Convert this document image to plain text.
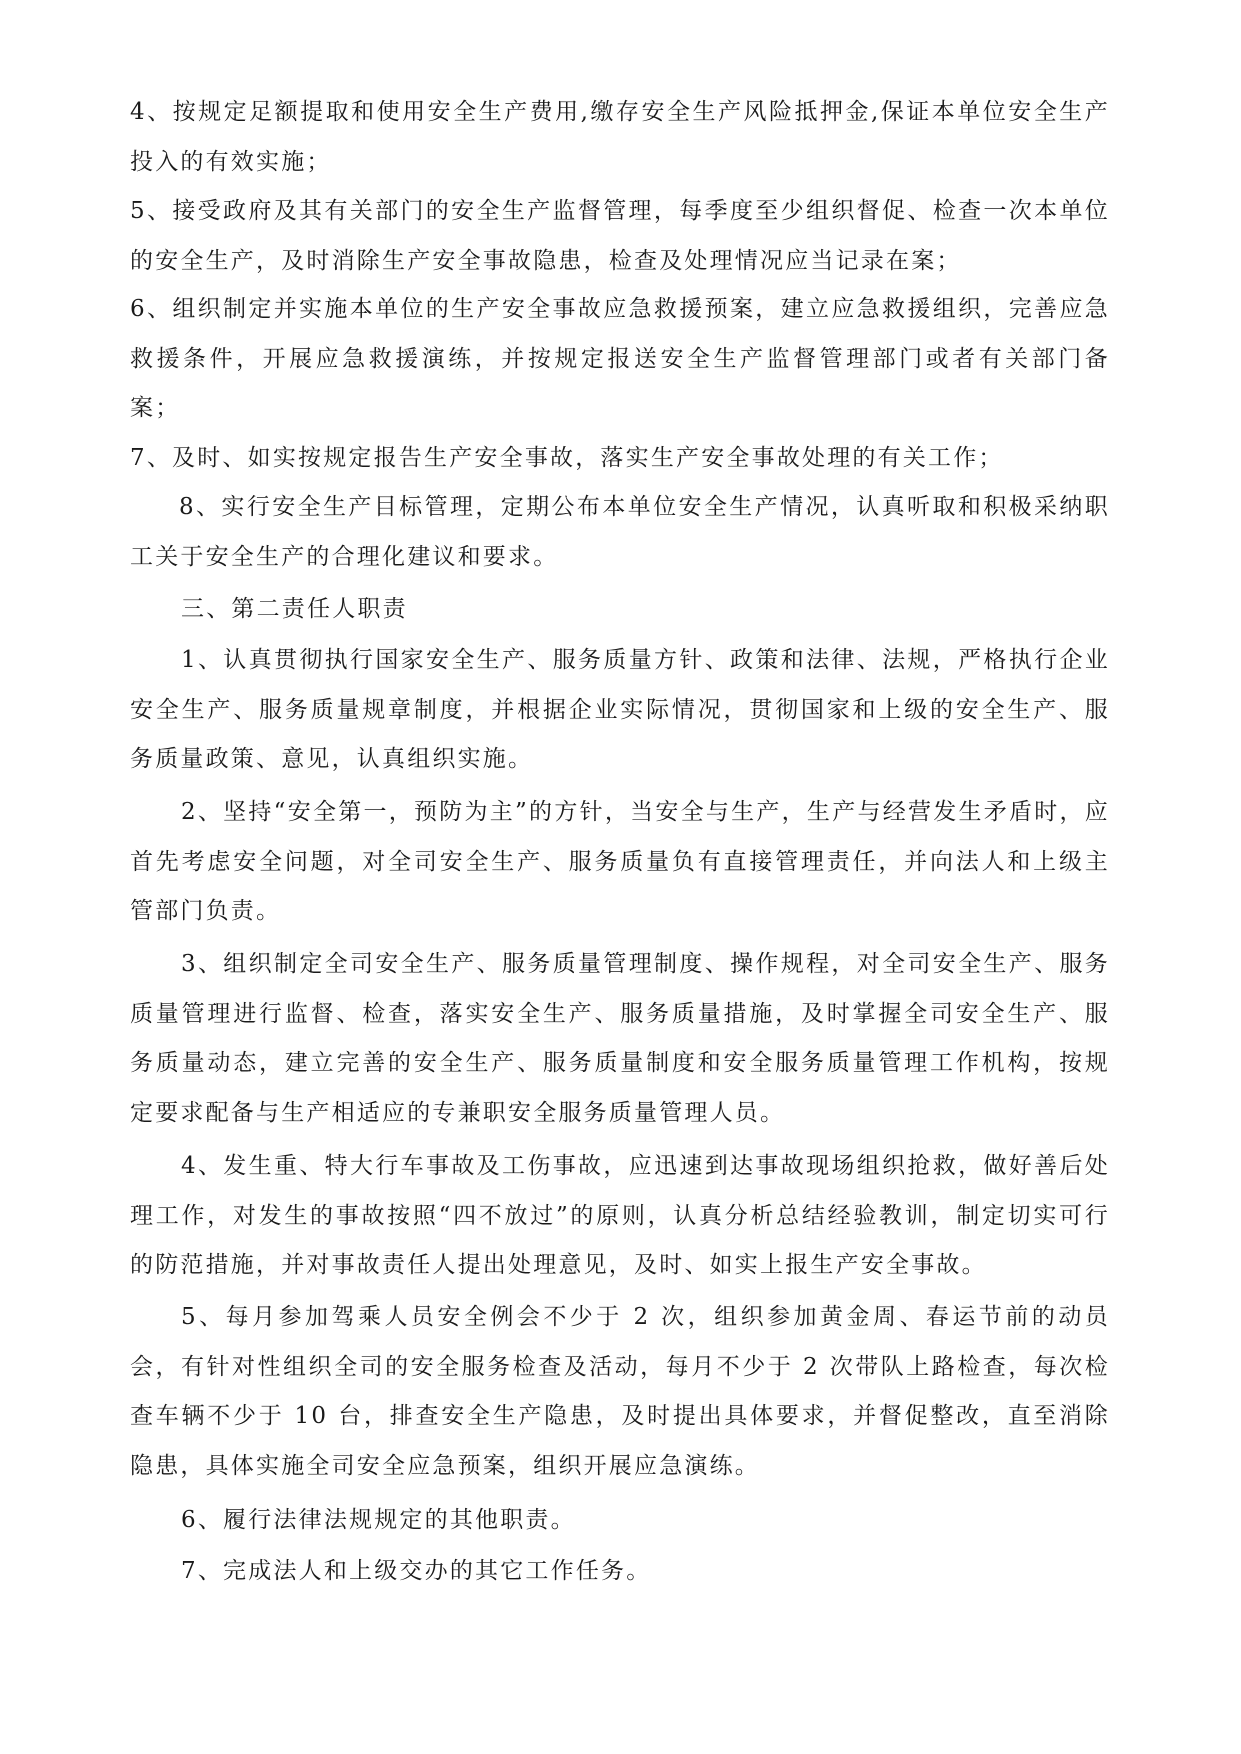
4、按规定足额提取和使用安全生产费用,缴存安全生产风险抵押金,保证本单位安全生产投入的有效实施；

5、接受政府及其有关部门的安全生产监督管理，每季度至少组织督促、检查一次本单位的安全生产，及时消除生产安全事故隐患，检查及处理情况应当记录在案；

6、组织制定并实施本单位的生产安全事故应急救援预案，建立应急救援组织，完善应急救援条件，开展应急救援演练，并按规定报送安全生产监督管理部门或者有关部门备案；

7、及时、如实按规定报告生产安全事故，落实生产安全事故处理的有关工作；

8、实行安全生产目标管理，定期公布本单位安全生产情况，认真听取和积极采纳职工关于安全生产的合理化建议和要求。

三、第二责任人职责

1、认真贯彻执行国家安全生产、服务质量方针、政策和法律、法规，严格执行企业安全生产、服务质量规章制度，并根据企业实际情况，贯彻国家和上级的安全生产、服务质量政策、意见，认真组织实施。

2、坚持“安全第一，预防为主”的方针，当安全与生产，生产与经营发生矛盾时，应首先考虑安全问题，对全司安全生产、服务质量负有直接管理责任，并向法人和上级主管部门负责。

3、组织制定全司安全生产、服务质量管理制度、操作规程，对全司安全生产、服务质量管理进行监督、检查，落实安全生产、服务质量措施，及时掌握全司安全生产、服务质量动态，建立完善的安全生产、服务质量制度和安全服务质量管理工作机构，按规定要求配备与生产相适应的专兼职安全服务质量管理人员。

4、发生重、特大行车事故及工伤事故，应迅速到达事故现场组织抢救，做好善后处理工作，对发生的事故按照“四不放过”的原则，认真分析总结经验教训，制定切实可行的防范措施，并对事故责任人提出处理意见，及时、如实上报生产安全事故。

5、每月参加驾乘人员安全例会不少于 2 次，组织参加黄金周、春运节前的动员会，有针对性组织全司的安全服务检查及活动，每月不少于 2 次带队上路检查，每次检查车辆不少于 10 台，排查安全生产隐患，及时提出具体要求，并督促整改，直至消除隐患，具体实施全司安全应急预案，组织开展应急演练。

6、履行法律法规规定的其他职责。

7、完成法人和上级交办的其它工作任务。
